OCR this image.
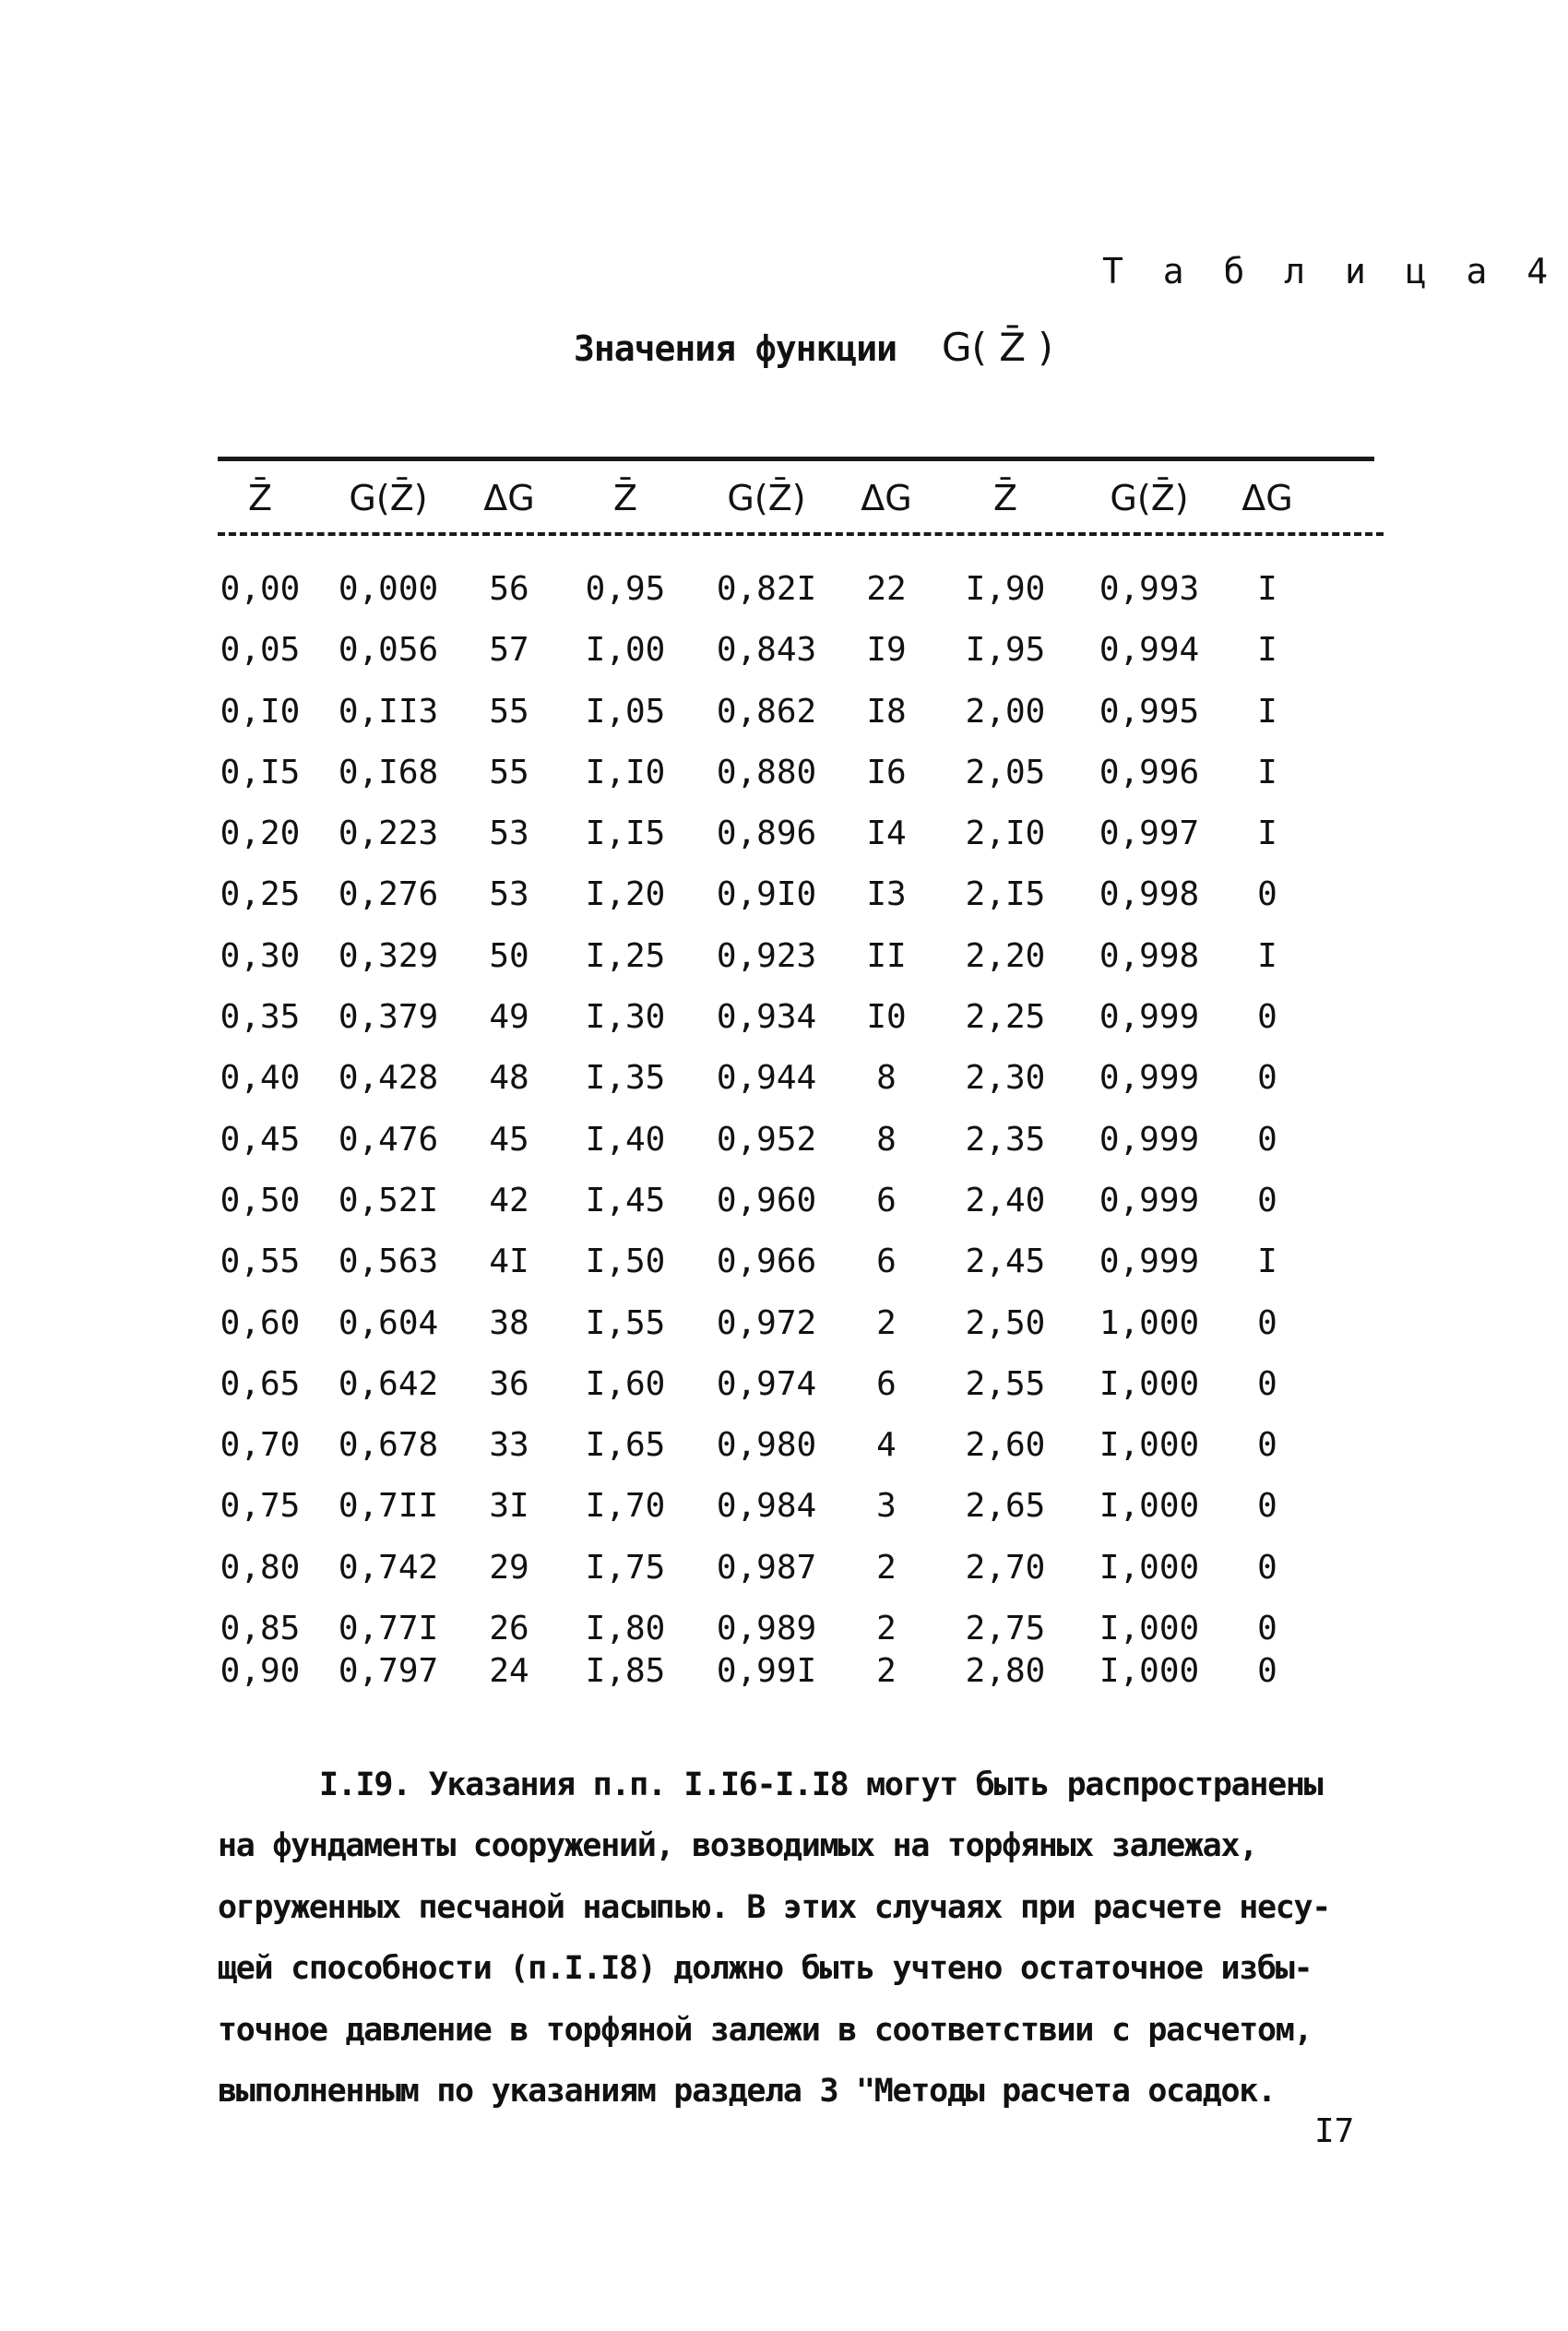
Т а б л и ц а 4
Значения функции G( Z̄ )
Z̄ G(Z̄) ΔG Z̄	G(Z̄) ΔG Z̄	G(Z̄) ΔG
0,00 0,000 56 0,95 0,82I 22 I,90 0,993 I
0,05 0,056 57 I,00 0,843 I9 I,95 0,994 I
0,I0 0,II3 55 I,05 0,862 I8 2,00 0,995 I
0,I5 0,I68 55 I,I0 0,880 I6 2,05 0,996 I
0,20 0,223 53 I,I5 0,896 I4 2,I0 0,997 I
0,25 0,276 53 I,20 0,9I0 I3 2,I5 0,998 0
0,30 0,329 50 I,25 0,923 II 2,20 0,998 I
0,35 0,379 49 I,30 0,934 I0 2,25 0,999 0
0,40 0,428 48 I,35 0,944 8 2,30 0,999 0
0,45 0,476 45 I,40 0,952 8 2,35 0,999 0
0,50 0,52I 42 I,45 0,960 6 2,40 0,999 0
0,55 0,563 4I I,50 0,966 6 2,45 0,999 I
0,60 0,604 38 I,55 0,972 2 2,50 1,000 0
0,65 0,642 36 I,60 0,974 6 2,55 I,000 0
0,70 0,678 33 I,65 0,980 4 2,60 I,000 0
0,75 0,7II 3I I,70 0,984 3 2,65 I,000 0
0,80 0,742 29 I,75 0,987 2 2,70 I,000 0
0,85 0,77I 26 I,80 0,989 2 2,75 I,000 0
0,90 0,797 24 I,85 0,99I 2 2,80 I,000 0
I.I9. Указания п.п. I.I6-I.I8 могут быть распространены
на фундаменты сооружений, возводимых на торфяных залежах,
огруженных песчаной насыпью. В этих случаях при расчете несу-
щей способности (п.I.I8) должно быть учтено остаточное избы-
точное давление в торфяной залежи в соответствии с расчетом,
выполненным по указаниям раздела 3 "Методы расчета осадок.
I7
